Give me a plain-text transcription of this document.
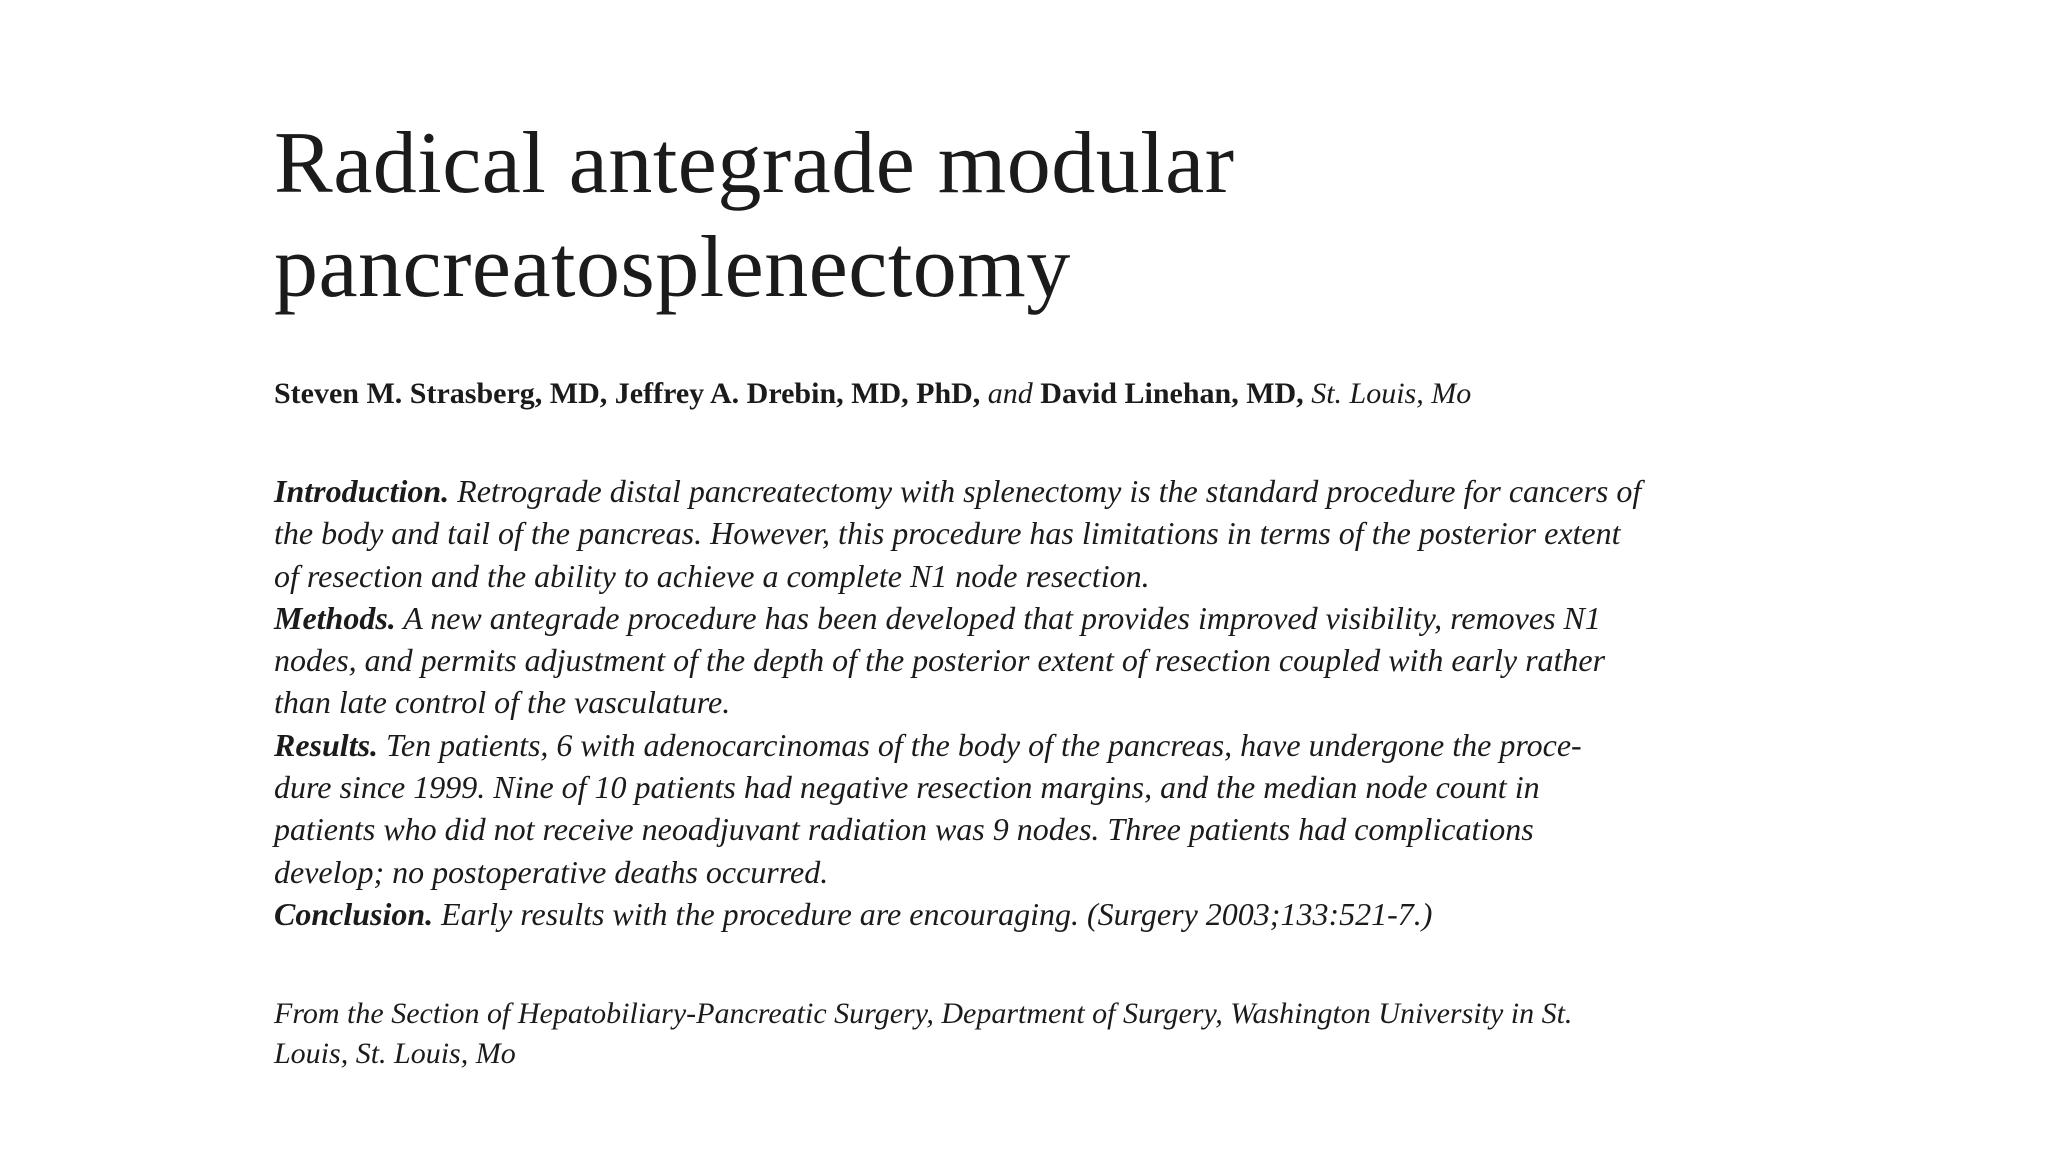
Radical antegrade modular
pancreatosplenectomy
Steven M. Strasberg, MD, Jeffrey A. Drebin, MD, PhD, and David Linehan, MD, St. Louis, Mo
Introduction. Retrograde distal pancreatectomy with splenectomy is the standard procedure for cancers of
the body and tail of the pancreas. However, this procedure has limitations in terms of the posterior extent
of resection and the ability to achieve a complete N1 node resection.
Methods. A new antegrade procedure has been developed that provides improved visibility, removes N1
nodes, and permits adjustment of the depth of the posterior extent of resection coupled with early rather
than late control of the vasculature.
Results. Ten patients, 6 with adenocarcinomas of the body of the pancreas, have undergone the proce-
dure since 1999. Nine of 10 patients had negative resection margins, and the median node count in
patients who did not receive neoadjuvant radiation was 9 nodes. Three patients had complications
develop; no postoperative deaths occurred.
Conclusion. Early results with the procedure are encouraging. (Surgery 2003;133:521-7.)
From the Section of Hepatobiliary-Pancreatic Surgery, Department of Surgery, Washington University in St.
Louis, St. Louis, Mo
